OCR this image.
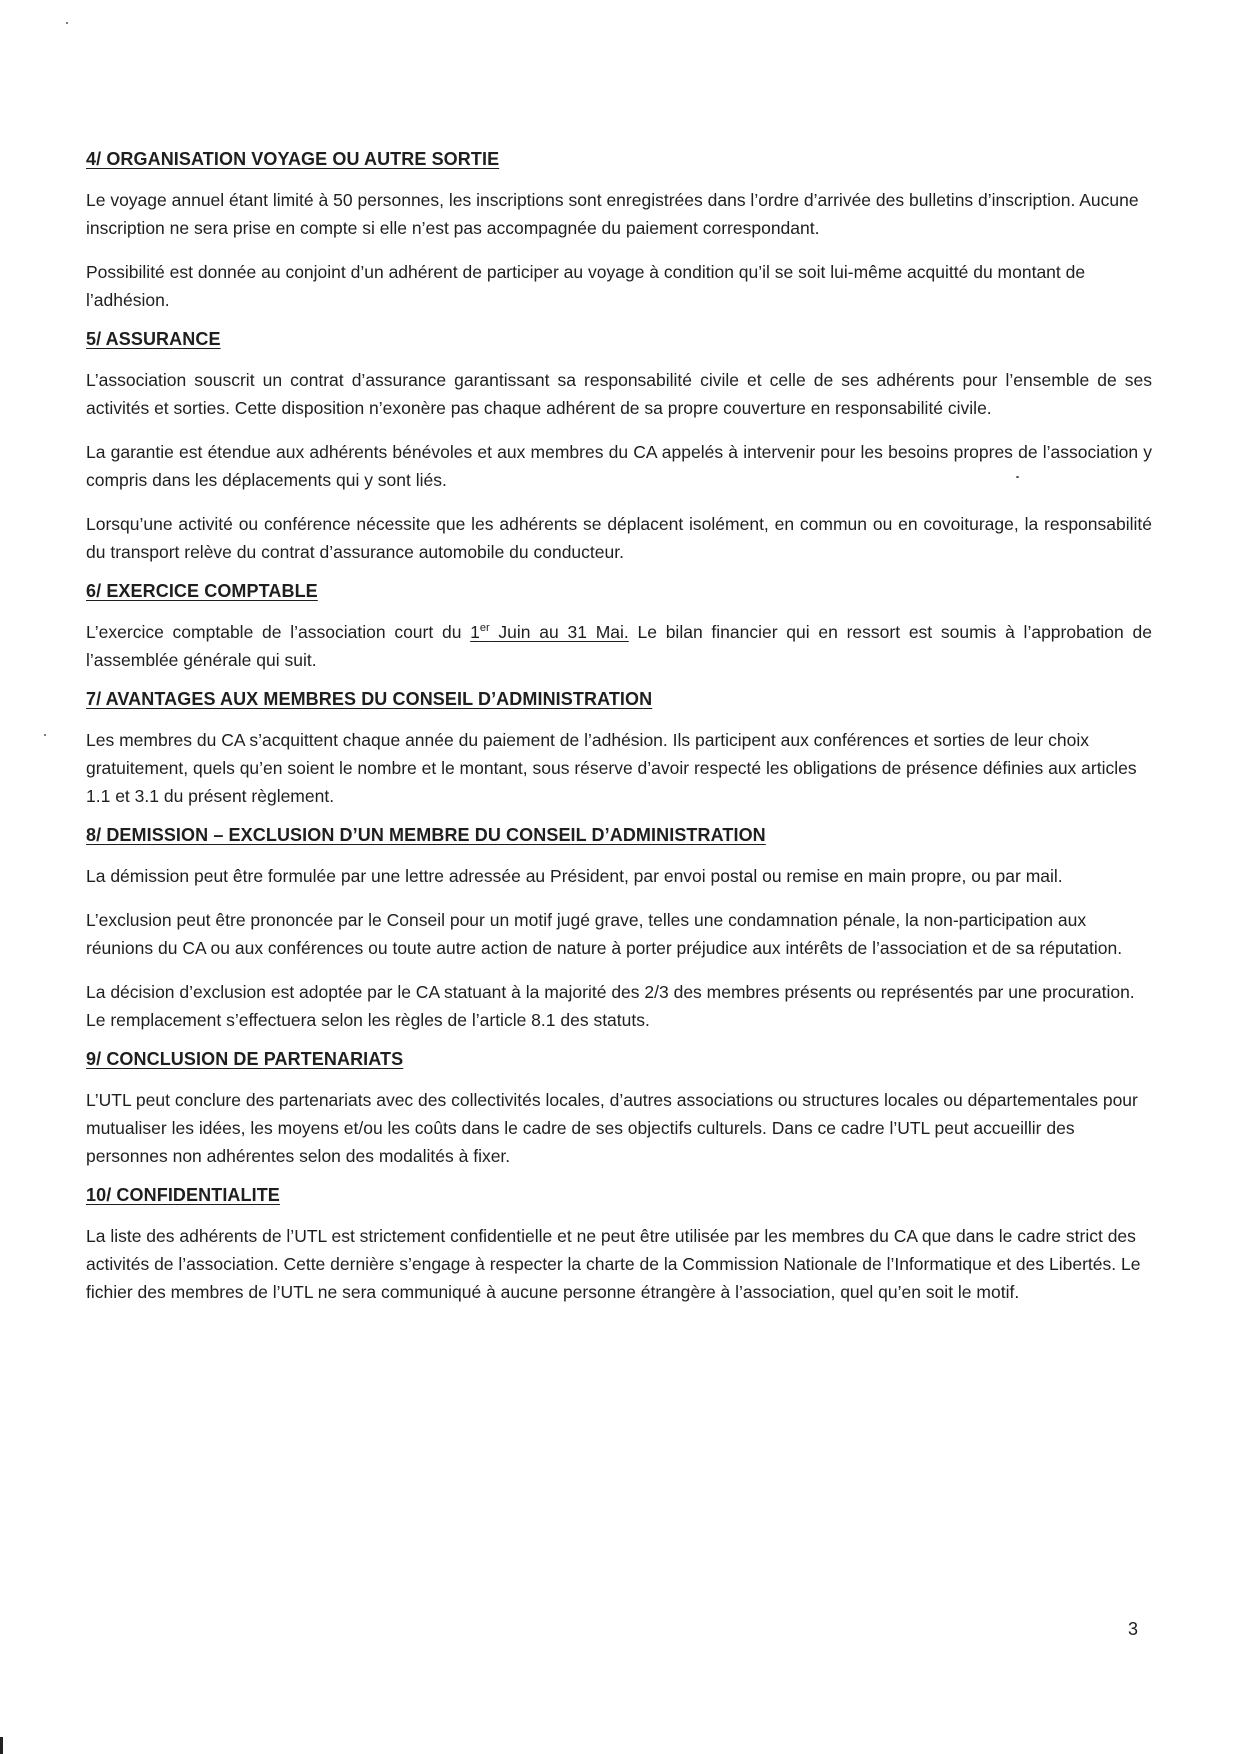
4/ ORGANISATION VOYAGE OU AUTRE SORTIE

Le voyage annuel étant limité à 50 personnes, les inscriptions sont enregistrées dans l’ordre d’arrivée des bulletins d’inscription. Aucune inscription ne sera prise en compte si elle n’est pas accompagnée du paiement correspondant.

Possibilité est donnée au conjoint d’un adhérent de participer au voyage à condition qu’il se soit lui-même acquitté du montant de l’adhésion.

5/ ASSURANCE

L’association souscrit un contrat d’assurance garantissant sa responsabilité civile et celle de ses adhérents pour l’ensemble de ses activités et sorties. Cette disposition n’exonère pas chaque adhérent de sa propre couverture en responsabilité civile.

La garantie est étendue aux adhérents bénévoles et aux membres du CA appelés à intervenir pour les besoins propres de l’association y compris dans les déplacements qui y sont liés.

Lorsqu’une activité ou conférence nécessite que les adhérents se déplacent isolément, en commun ou en covoiturage, la responsabilité du transport relève du contrat d’assurance automobile du conducteur.

6/ EXERCICE COMPTABLE

L’exercice comptable de l’association court du 1er Juin au 31 Mai. Le bilan financier qui en ressort est soumis à l’approbation de l’assemblée générale qui suit.

7/ AVANTAGES AUX MEMBRES DU CONSEIL D’ADMINISTRATION

Les membres du CA s’acquittent chaque année du paiement de l’adhésion. Ils participent aux conférences et sorties de leur choix gratuitement, quels qu’en soient le nombre et le montant, sous réserve d’avoir respecté les obligations de présence définies aux articles 1.1 et 3.1 du présent règlement.

8/ DEMISSION – EXCLUSION D’UN MEMBRE DU CONSEIL D’ADMINISTRATION

La démission peut être formulée par une lettre adressée au Président, par envoi postal ou remise en main propre, ou par mail.

L’exclusion peut être prononcée par le Conseil pour un motif jugé grave, telles une condamnation pénale, la non-participation aux réunions du CA ou aux conférences ou toute autre action de nature à porter préjudice aux intérêts de l’association et de sa réputation.

La décision d’exclusion est adoptée par le CA statuant à la majorité des 2/3 des membres présents ou représentés par une procuration. Le remplacement s’effectuera selon les règles de l’article 8.1 des statuts.

9/ CONCLUSION DE PARTENARIATS

L’UTL peut conclure des partenariats avec des collectivités locales, d’autres associations ou structures locales ou départementales pour mutualiser les idées, les moyens et/ou les coûts dans le cadre de ses objectifs culturels. Dans ce cadre l’UTL peut accueillir des personnes non adhérentes selon des modalités à fixer.

10/ CONFIDENTIALITE

La liste des adhérents de l’UTL est strictement confidentielle et ne peut être utilisée par les membres du CA que dans le cadre strict des activités de l’association. Cette dernière s’engage à respecter la charte de la Commission Nationale de l’Informatique et des Libertés. Le fichier des membres de l’UTL ne sera communiqué à aucune personne étrangère à l’association, quel qu’en soit le motif.

3
